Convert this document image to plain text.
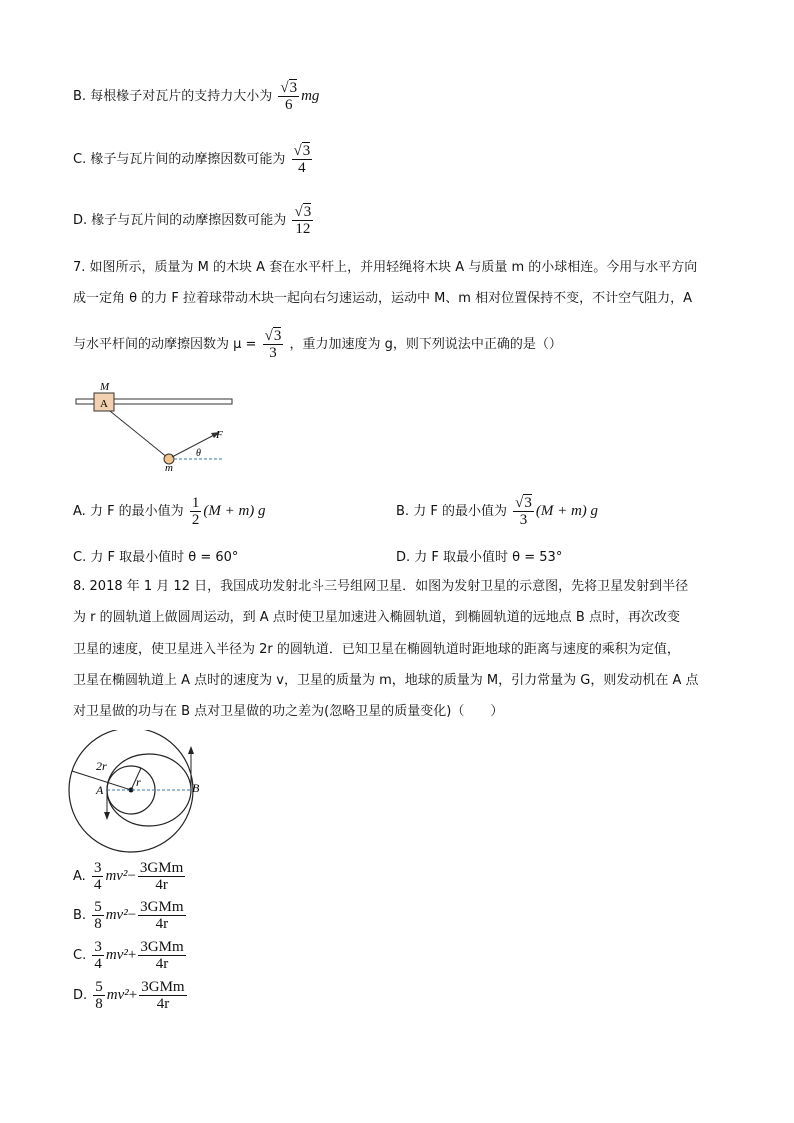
B. 每根椽子对瓦片的支持力大小为 $\frac{√3}{6}$ mg
C. 椽子与瓦片间的动摩擦因数可能为 $\frac{√3}{4}$
D. 椽子与瓦片间的动摩擦因数可能为 $\frac{√3}{12}$
7. 如图所示，质量为 M 的木块 A 套在水平杆上，并用轻绳将木块 A 与质量 m 的小球相连。今用与水平方向
成一定角 θ 的力 F 拉着球带动木块一起向右匀速运动，运动中 M、m 相对位置保持不变，不计空气阻力，A
与水平杆间的动摩擦因数为 $\mu = \frac{√3}{3}$ ，重力加速度为 g，则下列说法中正确的是（）
A
M
F
θ
m
A. 力 F 的最小值为 $\frac{1}{2} (M + m)$ g	B. 力 F 的最小值为 $\frac{√3}{3} (M + m)$ g
C. 力 F 取最小值时 θ = 60°	D. 力 F 取最小值时 θ = 53°
8. 2018 年 1 月 12 日，我国成功发射北斗三号组网卫星．如图为发射卫星的示意图，先将卫星发射到半径
为 r 的圆轨道上做圆周运动，到 A 点时使卫星加速进入椭圆轨道，到椭圆轨道的远地点 B 点时，再次改变
卫星的速度，使卫星进入半径为 2r 的圆轨道．已知卫星在椭圆轨道时距地球的距离与速度的乘积为定值，
卫星在椭圆轨道上 A 点时的速度为 v，卫星的质量为 m，地球的质量为 M，引力常量为 G，则发动机在 A 点
对卫星做的功与在 B 点对卫星做的功之差为(忽略卫星的质量变化)（　　）
2r
r
A	B
A. $\frac{3}{4} mv^2- \frac{\text{3GMm}}{4r}$
B. $\frac{5}{8} mv^2- \frac{\text{3GMm}}{4r}$
C. $\frac{3}{4} mv^2+ \frac{\text{3GMm}}{4r}$
D. $\frac{5}{8} mv^2+ \frac{\text{3GMm}}{4r}$
